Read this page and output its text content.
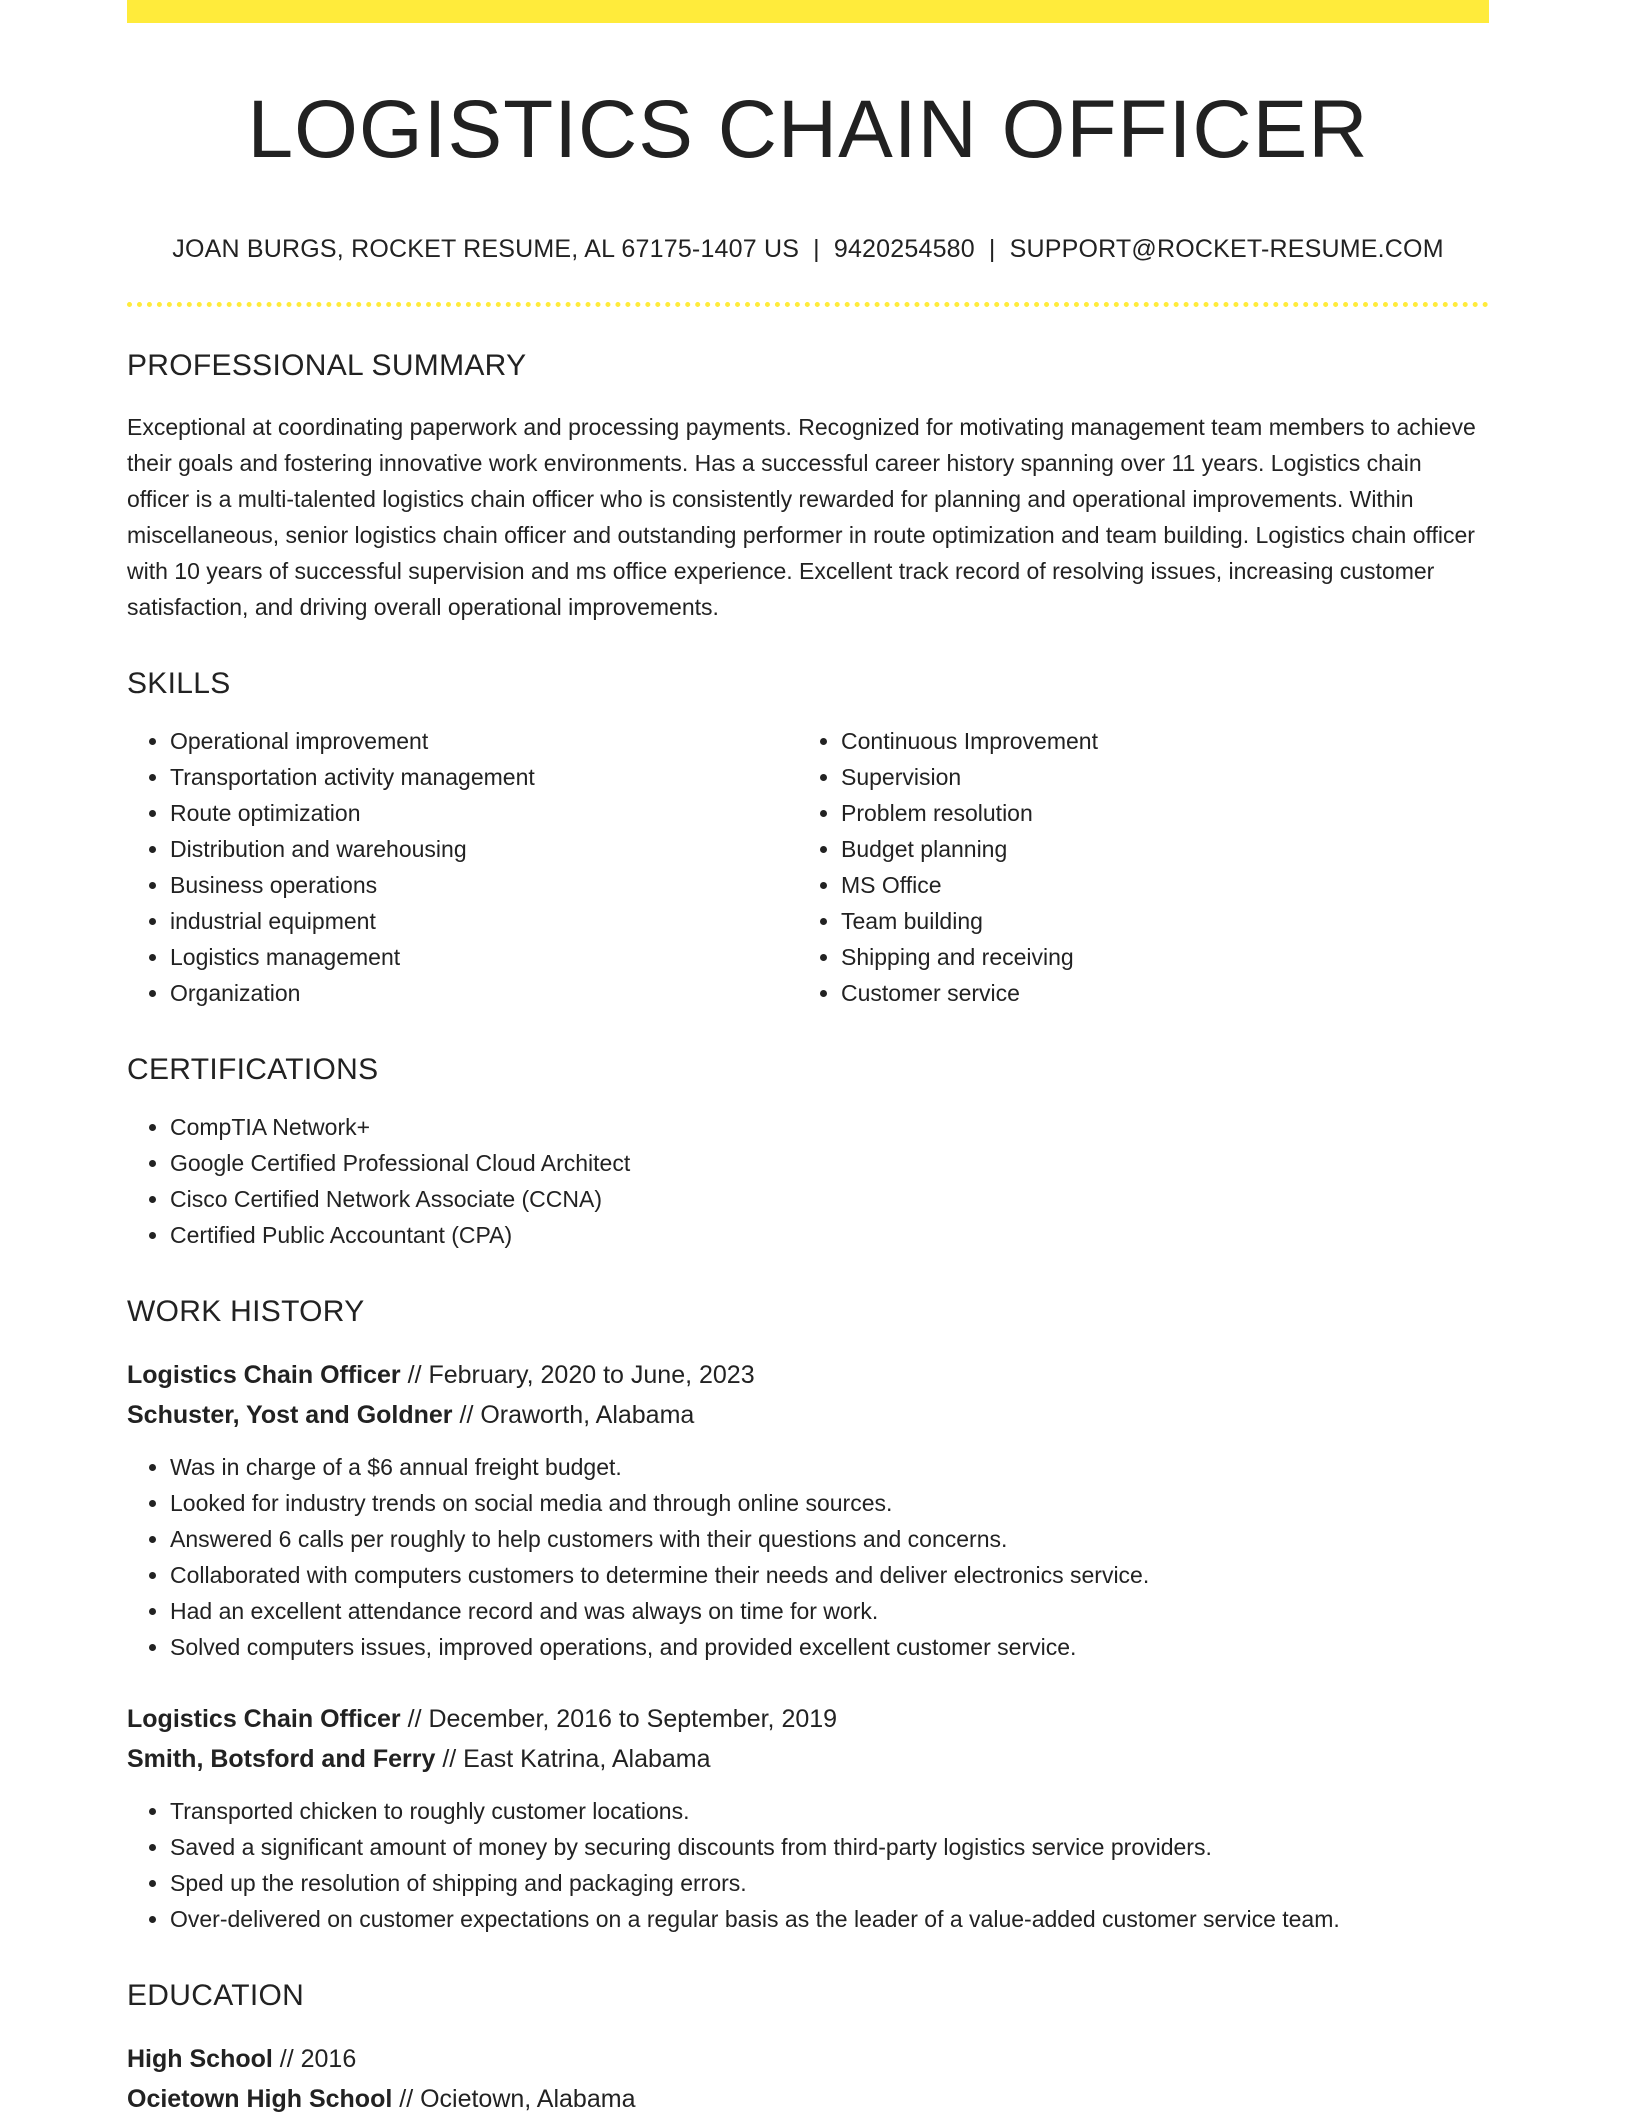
LOGISTICS CHAIN OFFICER
JOAN BURGS, ROCKET RESUME, AL 67175-1407 US | 9420254580 | SUPPORT@ROCKET-RESUME.COM
PROFESSIONAL SUMMARY

Exceptional at coordinating paperwork and processing payments. Recognized for motivating management team members to achieve their goals and fostering innovative work environments. Has a successful career history spanning over 11 years. Logistics chain officer is a multi-talented logistics chain officer who is consistently rewarded for planning and operational improvements. Within miscellaneous, senior logistics chain officer and outstanding performer in route optimization and team building. Logistics chain officer with 10 years of successful supervision and ms office experience. Excellent track record of resolving issues, increasing customer satisfaction, and driving overall operational improvements.

SKILLS
• Operational improvement
• Transportation activity management
• Route optimization
• Distribution and warehousing
• Business operations
• industrial equipment
• Logistics management
• Organization
• Continuous Improvement
• Supervision
• Problem resolution
• Budget planning
• MS Office
• Team building
• Shipping and receiving
• Customer service
CERTIFICATIONS
• CompTIA Network+
• Google Certified Professional Cloud Architect
• Cisco Certified Network Associate (CCNA)
• Certified Public Accountant (CPA)
WORK HISTORY
Logistics Chain Officer // February, 2020 to June, 2023
Schuster, Yost and Goldner // Oraworth, Alabama
• Was in charge of a $6 annual freight budget.
• Looked for industry trends on social media and through online sources.
• Answered 6 calls per roughly to help customers with their questions and concerns.
• Collaborated with computers customers to determine their needs and deliver electronics service.
• Had an excellent attendance record and was always on time for work.
• Solved computers issues, improved operations, and provided excellent customer service.
Logistics Chain Officer // December, 2016 to September, 2019
Smith, Botsford and Ferry // East Katrina, Alabama
• Transported chicken to roughly customer locations.
• Saved a significant amount of money by securing discounts from third-party logistics service providers.
• Sped up the resolution of shipping and packaging errors.
• Over-delivered on customer expectations on a regular basis as the leader of a value-added customer service team.
EDUCATION
High School // 2016
Ocietown High School // Ocietown, Alabama
